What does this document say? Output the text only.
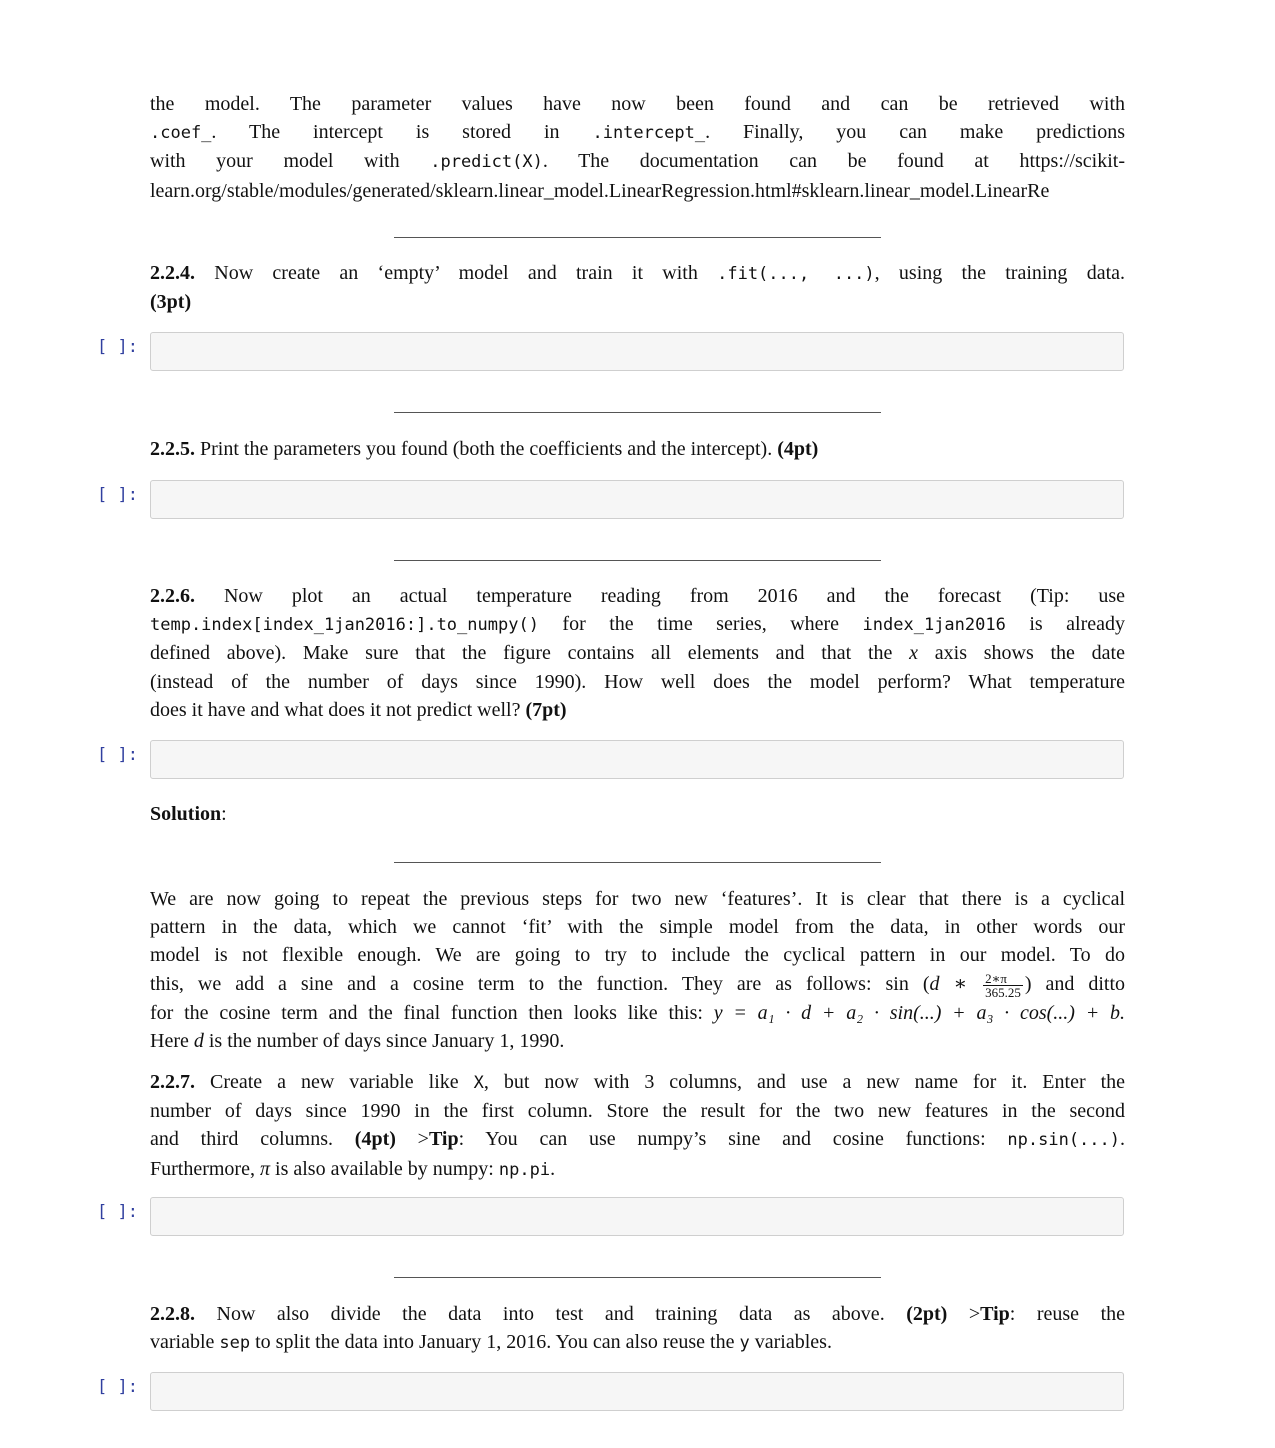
the model. The parameter values have now been found and can be retrieved with
.coef_. The intercept is stored in .intercept_. Finally, you can make predictions
with your model with .predict(X). The documentation can be found at https://scikit-
learn.org/stable/modules/generated/sklearn.linear_model.LinearRegression.html#sklearn.linear_model.LinearRe
2.2.4. Now create an ‘empty’ model and train it with .fit(..., ...), using the training data.
(3pt)
[ ]:
2.2.5. Print the parameters you found (both the coefficients and the intercept). (4pt)
[ ]:
2.2.6. Now plot an actual temperature reading from 2016 and the forecast (Tip: use
temp.index[index_1jan2016:].to_numpy() for the time series, where index_1jan2016 is already
defined above). Make sure that the figure contains all elements and that the x axis shows the date
(instead of the number of days since 1990). How well does the model perform? What temperature
does it have and what does it not predict well? (7pt)
[ ]:
Solution:
We are now going to repeat the previous steps for two new ‘features’. It is clear that there is a cyclical
pattern in the data, which we cannot ‘fit’ with the simple model from the data, in other words our
model is not flexible enough. We are going to try to include the cyclical pattern in our model. To do
this, we add a sine and a cosine term to the function. They are as follows: sin (d ∗ $\frac{2∗\pi}{365.25}$ ) and ditto
for the cosine term and the final function then looks like this: y = a₁ · d + a₂ · sin(...) + a₃ · cos(...) + b.
Here d is the number of days since January 1, 1990.
2.2.7. Create a new variable like X, but now with 3 columns, and use a new name for it. Enter the
number of days since 1990 in the first column. Store the result for the two new features in the second
and third columns. (4pt) >Tip: You can use numpy’s sine and cosine functions: np.sin(...).
Furthermore, π is also available by numpy: np.pi.
[ ]:
2.2.8. Now also divide the data into test and training data as above. (2pt) >Tip: reuse the
variable sep to split the data into January 1, 2016. You can also reuse the y variables.
[ ]:
